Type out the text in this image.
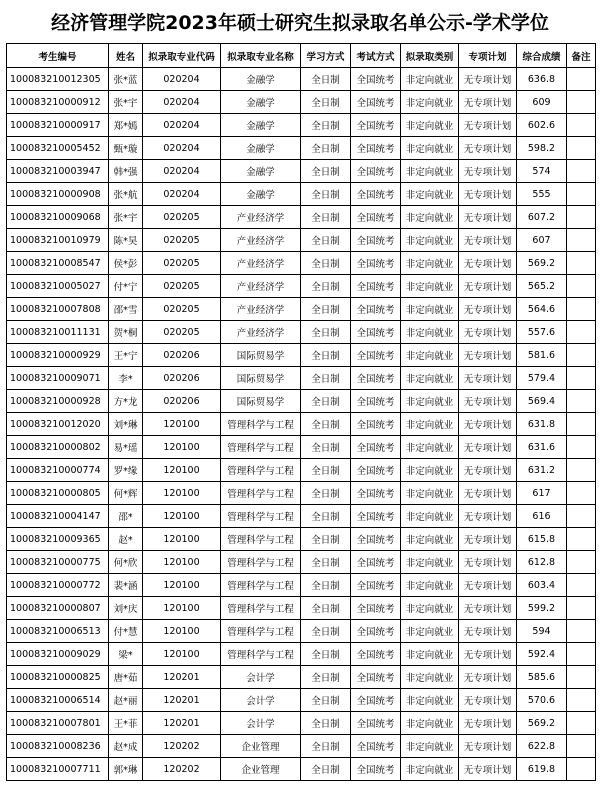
经济管理学院2023年硕士研究生拟录取名单公示-学术学位
考生编号	姓名	拟录取专业代码	拟录取专业名称	学习方式	考试方式	拟录取类别	专项计划	综合成绩	备注
100083210012305	张*蓝	020204	金融学	全日制	全国统考	非定向就业	无专项计划	636.8	
100083210000912	张*宇	020204	金融学	全日制	全国统考	非定向就业	无专项计划	609	
100083210000917	郑*嫣	020204	金融学	全日制	全国统考	非定向就业	无专项计划	602.6	
100083210005452	甄*璇	020204	金融学	全日制	全国统考	非定向就业	无专项计划	598.2	
100083210003947	韩*强	020204	金融学	全日制	全国统考	非定向就业	无专项计划	574	
100083210000908	张*航	020204	金融学	全日制	全国统考	非定向就业	无专项计划	555	
100083210009068	张*宇	020205	产业经济学	全日制	全国统考	非定向就业	无专项计划	607.2	
100083210010979	陈*昊	020205	产业经济学	全日制	全国统考	非定向就业	无专项计划	607	
100083210008547	侯*彭	020205	产业经济学	全日制	全国统考	非定向就业	无专项计划	569.2	
100083210005027	付*宁	020205	产业经济学	全日制	全国统考	非定向就业	无专项计划	565.2	
100083210007808	邵*雪	020205	产业经济学	全日制	全国统考	非定向就业	无专项计划	564.6	
100083210011131	贺*桐	020205	产业经济学	全日制	全国统考	非定向就业	无专项计划	557.6	
100083210000929	王*宁	020206	国际贸易学	全日制	全国统考	非定向就业	无专项计划	581.6	
100083210009071	李*	020206	国际贸易学	全日制	全国统考	非定向就业	无专项计划	579.4	
100083210000928	方*龙	020206	国际贸易学	全日制	全国统考	非定向就业	无专项计划	569.4	
100083210012020	刘*琳	120100	管理科学与工程	全日制	全国统考	非定向就业	无专项计划	631.8	
100083210000802	易*瑶	120100	管理科学与工程	全日制	全国统考	非定向就业	无专项计划	631.6	
100083210000774	罗*缘	120100	管理科学与工程	全日制	全国统考	非定向就业	无专项计划	631.2	
100083210000805	何*辉	120100	管理科学与工程	全日制	全国统考	非定向就业	无专项计划	617	
100083210004147	邵*	120100	管理科学与工程	全日制	全国统考	非定向就业	无专项计划	616	
100083210009365	赵*	120100	管理科学与工程	全日制	全国统考	非定向就业	无专项计划	615.8	
100083210000775	何*欣	120100	管理科学与工程	全日制	全国统考	非定向就业	无专项计划	612.8	
100083210000772	裴*涵	120100	管理科学与工程	全日制	全国统考	非定向就业	无专项计划	603.4	
100083210000807	刘*庆	120100	管理科学与工程	全日制	全国统考	非定向就业	无专项计划	599.2	
100083210006513	付*慧	120100	管理科学与工程	全日制	全国统考	非定向就业	无专项计划	594	
100083210009029	梁*	120100	管理科学与工程	全日制	全国统考	非定向就业	无专项计划	592.4	
100083210000825	唐*茹	120201	会计学	全日制	全国统考	非定向就业	无专项计划	585.6	
100083210006514	赵*丽	120201	会计学	全日制	全国统考	非定向就业	无专项计划	570.6	
100083210007801	王*菲	120201	会计学	全日制	全国统考	非定向就业	无专项计划	569.2	
100083210008236	赵*成	120202	企业管理	全日制	全国统考	非定向就业	无专项计划	622.8	
100083210007711	郭*琳	120202	企业管理	全日制	全国统考	非定向就业	无专项计划	619.8	
